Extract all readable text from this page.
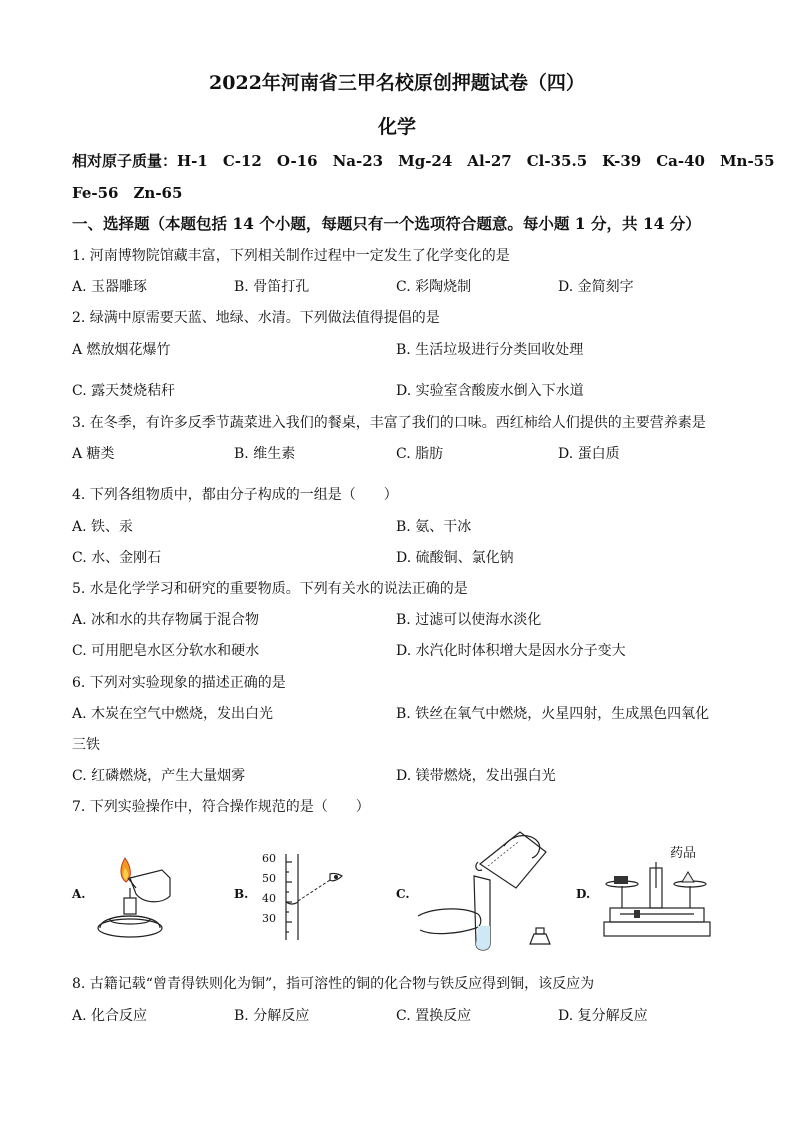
2022年河南省三甲名校原创押题试卷（四）
化学
相对原子质量：H-1　C-12　O-16　Na-23　Mg-24　Al-27　Cl-35.5　K-39　Ca-40　Mn-55
Fe-56　Zn-65
一、选择题（本题包括 14 个小题，每题只有一个选项符合题意。每小题 1 分，共 14 分）
1. 河南博物院馆藏丰富，下列相关制作过程中一定发生了化学变化的是
A. 玉器雕琢	B. 骨笛打孔	C. 彩陶烧制	D. 金简刻字
2. 绿满中原需要天蓝、地绿、水清。下列做法值得提倡的是
A 燃放烟花爆竹	B. 生活垃圾进行分类回收处理
C. 露天焚烧秸秆	D. 实验室含酸废水倒入下水道
3. 在冬季，有许多反季节蔬菜进入我们的餐桌，丰富了我们的口味。西红柿给人们提供的主要营养素是
A 糖类	B. 维生素	C. 脂肪	D. 蛋白质
4. 下列各组物质中，都由分子构成的一组是（　　）
A. 铁、汞	B. 氨、干冰
C. 水、金刚石	D. 硫酸铜、氯化钠
5. 水是化学学习和研究的重要物质。下列有关水的说法正确的是
A. 冰和水的共存物属于混合物	B. 过滤可以使海水淡化
C. 可用肥皂水区分软水和硬水	D. 水汽化时体积增大是因水分子变大
6. 下列对实验现象的描述正确的是
A. 木炭在空气中燃烧，发出白光	B. 铁丝在氧气中燃烧，火星四射，生成黑色四氧化
三铁
C. 红磷燃烧，产生大量烟雾	D. 镁带燃烧，发出强白光
7. 下列实验操作中，符合操作规范的是（　　）
A.	B.	C.	D.
60
50
40
30
药品
8. 古籍记载“曾青得铁则化为铜”，指可溶性的铜的化合物与铁反应得到铜，该反应为
A. 化合反应	B. 分解反应	C. 置换反应	D. 复分解反应
